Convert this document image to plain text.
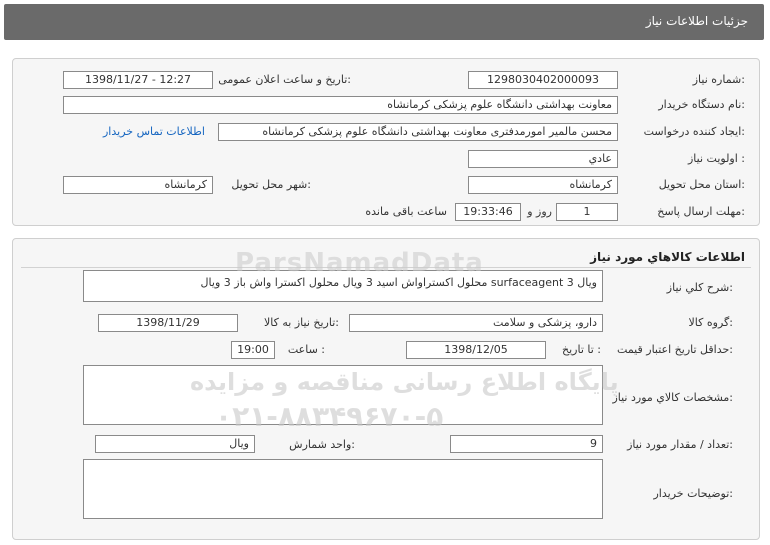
جزئیات اطلاعات نیاز
شماره نیاز:
1298030402000093
تاریخ و ساعت اعلان عمومی:
1398/11/27 - 12:27
نام دستگاه خریدار:
معاونت بهداشتی دانشگاه علوم پزشکی کرمانشاه
ایجاد کننده درخواست:
محسن مالمیر امورمدفتری معاونت بهداشتی دانشگاه علوم پزشکی کرمانشاه
اطلاعات تماس خریدار
اولویت نیاز :
عادي
استان محل تحویل:
کرمانشاه
شهر محل تحویل:
کرمانشاه
مهلت ارسال پاسخ:
1
روز و
19:33:46
ساعت باقی مانده
اطلاعات کالاهاي مورد نياز
شرح کلي نياز:
محلول اکستراواش اسید 3 ویال محلول اکسترا واش باز 3 ویال surfaceagent 3 ویال
گروه کالا:
دارو، پزشکی و سلامت
تاریخ نیاز به کالا:
1398/11/29
حداقل تاریخ اعتبار قیمت:
تا تاریخ :
1398/12/05
ساعت :
19:00
مشخصات کالاي مورد نياز:
تعداد / مقدار مورد نیاز:
9
واحد شمارش:
ویال
توضیحات خریدار:
ParsNamadData
پایگاه اطلاع رسانی مناقصه و مزایده
۰۲۱-۸۸۳۴۹۶۷۰-۵
